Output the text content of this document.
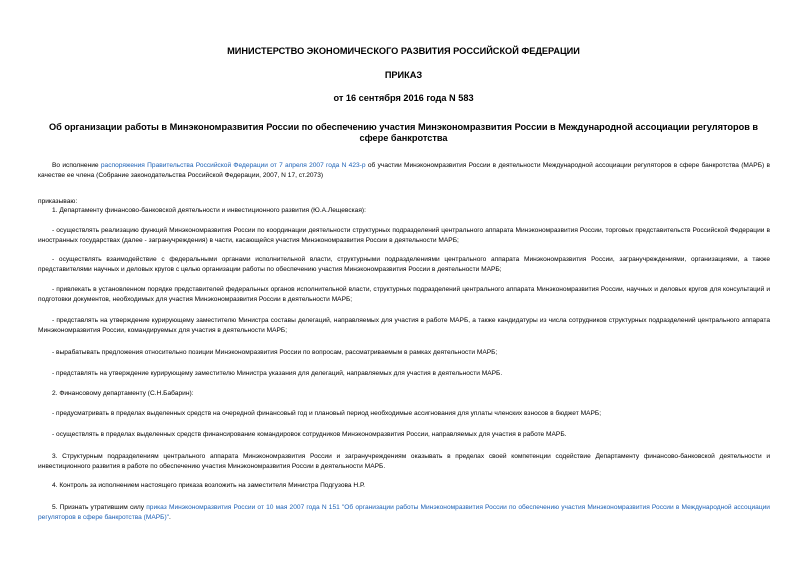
МИНИСТЕРСТВО ЭКОНОМИЧЕСКОГО РАЗВИТИЯ РОССИЙСКОЙ ФЕДЕРАЦИИ
ПРИКАЗ
от 16 сентября 2016 года N 583
Об организации работы в Минэкономразвития России по обеспечению участия Минэкономразвития России в Международной ассоциации регуляторов в сфере банкротства
Во исполнение распоряжения Правительства Российской Федерации от 7 апреля 2007 года N 423-р об участии Минэкономразвития России в деятельности Международной ассоциации регуляторов в сфере банкротства (МАРБ) в качестве ее члена (Собрание законодательства Российской Федерации, 2007, N 17, ст.2073)
приказываю:
1. Департаменту финансово-банковской деятельности и инвестиционного развития (Ю.А.Лещевская):
- осуществлять реализацию функций Минэкономразвития России по координации деятельности структурных подразделений центрального аппарата Минэкономразвития России, торговых представительств Российской Федерации в иностранных государствах (далее - загранучреждения) в части, касающейся участия Минэкономразвития России в деятельности МАРБ;
- осуществлять взаимодействие с федеральными органами исполнительной власти, структурными подразделениями центрального аппарата Минэкономразвития России, загранучреждениями, организациями, а также представителями научных и деловых кругов с целью организации работы по обеспечению участия Минэкономразвития России в деятельности МАРБ;
- привлекать в установленном порядке представителей федеральных органов исполнительной власти, структурных подразделений центрального аппарата Минэкономразвития России, научных и деловых кругов для консультаций и подготовки документов, необходимых для участия Минэкономразвития России в деятельности МАРБ;
- представлять на утверждение курирующему заместителю Министра составы делегаций, направляемых для участия в работе МАРБ, а также кандидатуры из числа сотрудников структурных подразделений центрального аппарата Минэкономразвития России, командируемых для участия в деятельности МАРБ;
- вырабатывать предложения относительно позиции Минэкономразвития России по вопросам, рассматриваемым в рамках деятельности МАРБ;
- представлять на утверждение курирующему заместителю Министра указания для делегаций, направляемых для участия в деятельности МАРБ.
2. Финансовому департаменту (С.Н.Бабарин):
- предусматривать в пределах выделенных средств на очередной финансовый год и плановый период необходимые ассигнования для уплаты членских взносов в бюджет МАРБ;
- осуществлять в пределах выделенных средств финансирование командировок сотрудников Минэкономразвития России, направляемых для участия в работе МАРБ.
3. Структурным подразделениям центрального аппарата Минэкономразвития России и загранучреждениям оказывать в пределах своей компетенции содействие Департаменту финансово-банковской деятельности и инвестиционного развития в работе по обеспечению участия Минэкономразвития России в деятельности МАРБ.
4. Контроль за исполнением настоящего приказа возложить на заместителя Министра Подгузова Н.Р.
5. Признать утратившим силу приказ Минэкономразвития России от 10 мая 2007 года N 151 "Об организации работы Минэкономразвития России по обеспечению участия Минэкономразвития России в Международной ассоциации регуляторов в сфере банкротства (МАРБ)".
